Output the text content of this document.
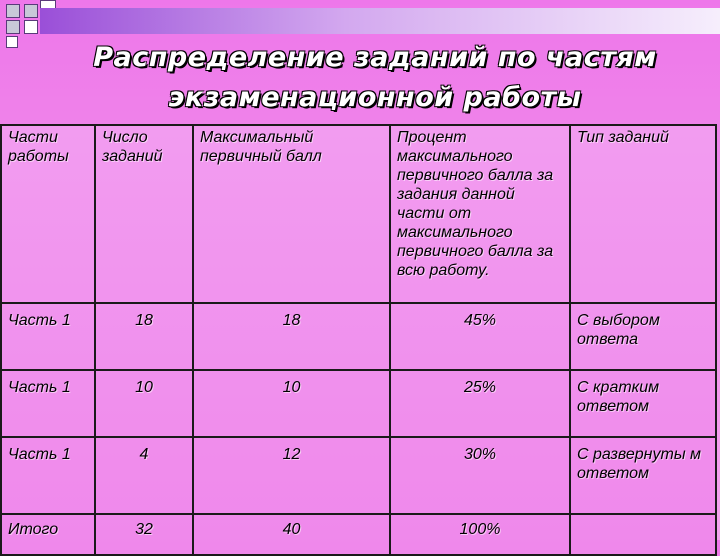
Распределение заданий по частям
экзаменационной работы
Части работы	Число заданий	Максимальный первичный балл	Процент максимального первичного балла за задания данной части от максимального первичного балла за всю работу.	Тип заданий
Часть 1	18	18	45%	С выбором ответа
Часть 1	10	10	25%	С кратким ответом
Часть 1	4	12	30%	С развернуты м ответом
Итого	32	40	100%	
